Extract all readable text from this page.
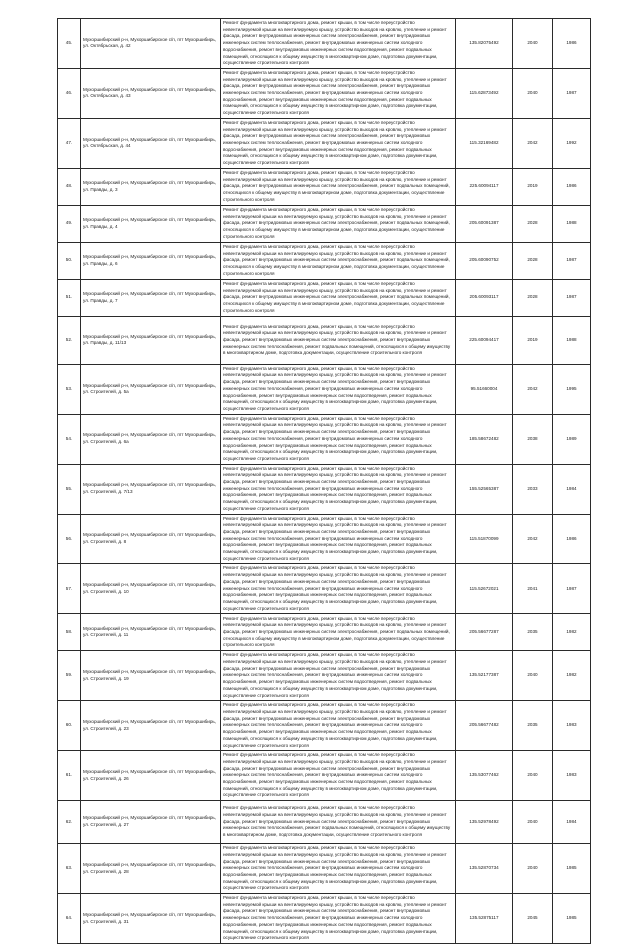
45.	Мухоршибирский р-н, Мухоршибирское с/п, пгт Мухоршибирь, ул. Октябрьская, д. 42	Ремонт фундамента многоквартирного дома, ремонт крыши, в том числе переустройство невентилируемой крыши на вентилируемую крышу, устройство выходов на кровлю, утепление и ремонт фасада, ремонт внутридомовых инженерных систем электроснабжения, ремонт внутридомовых инженерных систем теплоснабжения, ремонт внутридомовых инженерных систем холодного водоснабжения, ремонт внутридомовых инженерных систем водоотведения, ремонт подвальных помещений, относящихся к общему имуществу в многоквартирном доме, подготовка документации, осуществление строительного контроля	135.82075492	2040	1986
46.	Мухоршибирский р-н, Мухоршибирское с/п, пгт Мухоршибирь, ул. Октябрьская, д. 43	Ремонт фундамента многоквартирного дома, ремонт крыши, в том числе переустройство невентилируемой крыши на вентилируемую крышу, устройство выходов на кровлю, утепление и ремонт фасада, ремонт внутридомовых инженерных систем электроснабжения, ремонт внутридомовых инженерных систем теплоснабжения, ремонт внутридомовых инженерных систем холодного водоснабжения, ремонт внутридомовых инженерных систем водоотведения, ремонт подвальных помещений, относящихся к общему имуществу в многоквартирном доме, подготовка документации, осуществление строительного контроля	115.62873492	2040	1987
47.	Мухоршибирский р-н, Мухоршибирское с/п, пгт Мухоршибирь, ул. Октябрьская, д. 44	Ремонт фундамента многоквартирного дома, ремонт крыши, в том числе переустройство невентилируемой крыши на вентилируемую крышу, устройство выходов на кровлю, утепление и ремонт фасада, ремонт внутридомовых инженерных систем электроснабжения, ремонт внутридомовых инженерных систем теплоснабжения, ремонт внутридомовых инженерных систем холодного водоснабжения, ремонт внутридомовых инженерных систем водоотведения, ремонт подвальных помещений, относящихся к общему имуществу в многоквартирном доме, подготовка документации, осуществление строительного контроля	115.32169482	2042	1992
48.	Мухоршибирский р-н, Мухоршибирское с/п, пгт Мухоршибирь, ул. Правды, д. 3	Ремонт фундамента многоквартирного дома, ремонт крыши, в том числе переустройство невентилируемой крыши на вентилируемую крышу, устройство выходов на кровлю, утепление и ремонт фасада, ремонт внутридомовых инженерных систем электроснабжения, ремонт подвальных помещений, относящихся к общему имуществу в многоквартирном доме, подготовка документации, осуществление строительного контроля	225.60094117	2019	1986
49.	Мухоршибирский р-н, Мухоршибирское с/п, пгт Мухоршибирь, ул. Правды, д. 4	Ремонт фундамента многоквартирного дома, ремонт крыши, в том числе переустройство невентилируемой крыши на вентилируемую крышу, устройство выходов на кровлю, утепление и ремонт фасада, ремонт внутридомовых инженерных систем электроснабжения, ремонт подвальных помещений, относящихся к общему имуществу в многоквартирном доме, подготовка документации, осуществление строительного контроля	205.60091387	2028	1988
50.	Мухоршибирский р-н, Мухоршибирское с/п, пгт Мухоршибирь, ул. Правды, д. 6	Ремонт фундамента многоквартирного дома, ремонт крыши, в том числе переустройство невентилируемой крыши на вентилируемую крышу, устройство выходов на кровлю, утепление и ремонт фасада, ремонт внутридомовых инженерных систем электроснабжения, ремонт подвальных помещений, относящихся к общему имуществу в многоквартирном доме, подготовка документации, осуществление строительного контроля	205.60090752	2028	1987
51.	Мухоршибирский р-н, Мухоршибирское с/п, пгт Мухоршибирь, ул. Правды, д. 7	Ремонт фундамента многоквартирного дома, ремонт крыши, в том числе переустройство невентилируемой крыши на вентилируемую крышу, устройство выходов на кровлю, утепление и ремонт фасада, ремонт внутридомовых инженерных систем электроснабжения, ремонт подвальных помещений, относящихся к общему имуществу в многоквартирном доме, подготовка документации, осуществление строительного контроля	205.60093117	2028	1987
52.	Мухоршибирский р-н, Мухоршибирское с/п, пгт Мухоршибирь, ул. Правды, д. 11/13	Ремонт фундамента многоквартирного дома, ремонт крыши, в том числе переустройство невентилируемой крыши на вентилируемую крышу, устройство выходов на кровлю, утепление и ремонт фасада, ремонт внутридомовых инженерных систем электроснабжения, ремонт внутридомовых инженерных систем теплоснабжения, ремонт подвальных помещений, относящихся к общему имуществу в многоквартирном доме, подготовка документации, осуществление строительного контроля	225.60094417	2019	1988
53.	Мухоршибирский р-н, Мухоршибирское с/п, пгт Мухоршибирь, ул. Строителей, д. 5а	Ремонт фундамента многоквартирного дома, ремонт крыши, в том числе переустройство невентилируемой крыши на вентилируемую крышу, устройство выходов на кровлю, утепление и ремонт фасада, ремонт внутридомовых инженерных систем электроснабжения, ремонт внутридомовых инженерных систем теплоснабжения, ремонт внутридомовых инженерных систем холодного водоснабжения, ремонт внутридомовых инженерных систем водоотведения, ремонт подвальных помещений, относящихся к общему имуществу в многоквартирном доме, подготовка документации, осуществление строительного контроля	95.51660004	2042	1995
54.	Мухоршибирский р-н, Мухоршибирское с/п, пгт Мухоршибирь, ул. Строителей, д. 6а	Ремонт фундамента многоквартирного дома, ремонт крыши, в том числе переустройство невентилируемой крыши на вентилируемую крышу, устройство выходов на кровлю, утепление и ремонт фасада, ремонт внутридомовых инженерных систем электроснабжения, ремонт внутридомовых инженерных систем теплоснабжения, ремонт внутридомовых инженерных систем холодного водоснабжения, ремонт внутридомовых инженерных систем водоотведения, ремонт подвальных помещений, относящихся к общему имуществу в многоквартирном доме, подготовка документации, осуществление строительного контроля	185.58672482	2038	1989
55.	Мухоршибирский р-н, Мухоршибирское с/п, пгт Мухоршибирь, ул. Строителей, д. 7/13	Ремонт фундамента многоквартирного дома, ремонт крыши, в том числе переустройство невентилируемой крыши на вентилируемую крышу, устройство выходов на кровлю, утепление и ремонт фасада, ремонт внутридомовых инженерных систем электроснабжения, ремонт внутридомовых инженерных систем теплоснабжения, ремонт внутридомовых инженерных систем холодного водоснабжения, ремонт внутридомовых инженерных систем водоотведения, ремонт подвальных помещений, относящихся к общему имуществу в многоквартирном доме, подготовка документации, осуществление строительного контроля	155.52565387	2033	1984
56.	Мухоршибирский р-н, Мухоршибирское с/п, пгт Мухоршибирь, ул. Строителей, д. 8	Ремонт фундамента многоквартирного дома, ремонт крыши, в том числе переустройство невентилируемой крыши на вентилируемую крышу, устройство выходов на кровлю, утепление и ремонт фасада, ремонт внутридомовых инженерных систем электроснабжения, ремонт внутридомовых инженерных систем теплоснабжения, ремонт внутридомовых инженерных систем холодного водоснабжения, ремонт внутридомовых инженерных систем водоотведения, ремонт подвальных помещений, относящихся к общему имуществу в многоквартирном доме, подготовка документации, осуществление строительного контроля	115.51870099	2042	1986
57.	Мухоршибирский р-н, Мухоршибирское с/п, пгт Мухоршибирь, ул. Строителей, д. 10	Ремонт фундамента многоквартирного дома, ремонт крыши, в том числе переустройство невентилируемой крыши на вентилируемую крышу, устройство выходов на кровлю, утепление и ремонт фасада, ремонт внутридомовых инженерных систем электроснабжения, ремонт внутридомовых инженерных систем теплоснабжения, ремонт внутридомовых инженерных систем холодного водоснабжения, ремонт внутридомовых инженерных систем водоотведения, ремонт подвальных помещений, относящихся к общему имуществу в многоквартирном доме, подготовка документации, осуществление строительного контроля	115.52672021	2041	1987
58.	Мухоршибирский р-н, Мухоршибирское с/п, пгт Мухоршибирь, ул. Строителей, д. 11	Ремонт фундамента многоквартирного дома, ремонт крыши, в том числе переустройство невентилируемой крыши на вентилируемую крышу, устройство выходов на кровлю, утепление и ремонт фасада, ремонт внутридомовых инженерных систем электроснабжения, ремонт подвальных помещений, относящихся к общему имуществу в многоквартирном доме, подготовка документации, осуществление строительного контроля	205.56677287	2035	1982
59.	Мухоршибирский р-н, Мухоршибирское с/п, пгт Мухоршибирь, ул. Строителей, д. 19	Ремонт фундамента многоквартирного дома, ремонт крыши, в том числе переустройство невентилируемой крыши на вентилируемую крышу, устройство выходов на кровлю, утепление и ремонт фасада, ремонт внутридомовых инженерных систем электроснабжения, ремонт внутридомовых инженерных систем теплоснабжения, ремонт внутридомовых инженерных систем холодного водоснабжения, ремонт внутридомовых инженерных систем водоотведения, ремонт подвальных помещений, относящихся к общему имуществу в многоквартирном доме, подготовка документации, осуществление строительного контроля	135.52177387	2040	1982
60.	Мухоршибирский р-н, Мухоршибирское с/п, пгт Мухоршибирь, ул. Строителей, д. 23	Ремонт фундамента многоквартирного дома, ремонт крыши, в том числе переустройство невентилируемой крыши на вентилируемую крышу, устройство выходов на кровлю, утепление и ремонт фасада, ремонт внутридомовых инженерных систем электроснабжения, ремонт внутридомовых инженерных систем теплоснабжения, ремонт внутридомовых инженерных систем холодного водоснабжения, ремонт внутридомовых инженерных систем водоотведения, ремонт подвальных помещений, относящихся к общему имуществу в многоквартирном доме, подготовка документации, осуществление строительного контроля	205.56677482	2035	1983
61.	Мухоршибирский р-н, Мухоршибирское с/п, пгт Мухоршибирь, ул. Строителей, д. 26	Ремонт фундамента многоквартирного дома, ремонт крыши, в том числе переустройство невентилируемой крыши на вентилируемую крышу, устройство выходов на кровлю, утепление и ремонт фасада, ремонт внутридомовых инженерных систем электроснабжения, ремонт внутридомовых инженерных систем теплоснабжения, ремонт внутридомовых инженерных систем холодного водоснабжения, ремонт внутридомовых инженерных систем водоотведения, ремонт подвальных помещений, относящихся к общему имуществу в многоквартирном доме, подготовка документации, осуществление строительного контроля	135.53077462	2040	1983
62.	Мухоршибирский р-н, Мухоршибирское с/п, пгт Мухоршибирь, ул. Строителей, д. 27	Ремонт фундамента многоквартирного дома, ремонт крыши, в том числе переустройство невентилируемой крыши на вентилируемую крышу, устройство выходов на кровлю, утепление и ремонт фасада, ремонт внутридомовых инженерных систем электроснабжения, ремонт внутридомовых инженерных систем теплоснабжения, ремонт подвальных помещений, относящихся к общему имуществу в многоквартирном доме, подготовка документации, осуществление строительного контроля	135.52978492	2040	1984
63.	Мухоршибирский р-н, Мухоршибирское с/п, пгт Мухоршибирь, ул. Строителей, д. 28	Ремонт фундамента многоквартирного дома, ремонт крыши, в том числе переустройство невентилируемой крыши на вентилируемую крышу, устройство выходов на кровлю, утепление и ремонт фасада, ремонт внутридомовых инженерных систем электроснабжения, ремонт внутридомовых инженерных систем теплоснабжения, ремонт внутридомовых инженерных систем холодного водоснабжения, ремонт внутридомовых инженерных систем водоотведения, ремонт подвальных помещений, относящихся к общему имуществу в многоквартирном доме, подготовка документации, осуществление строительного контроля	135.52870734	2040	1985
64.	Мухоршибирский р-н, Мухоршибирское с/п, пгт Мухоршибирь, ул. Строителей, д. 31	Ремонт фундамента многоквартирного дома, ремонт крыши, в том числе переустройство невентилируемой крыши на вентилируемую крышу, устройство выходов на кровлю, утепление и ремонт фасада, ремонт внутридомовых инженерных систем электроснабжения, ремонт внутридомовых инженерных систем теплоснабжения, ремонт внутридомовых инженерных систем холодного водоснабжения, ремонт внутридомовых инженерных систем водоотведения, ремонт подвальных помещений, относящихся к общему имуществу в многоквартирном доме, подготовка документации, осуществление строительного контроля	135.52875117	2045	1985
